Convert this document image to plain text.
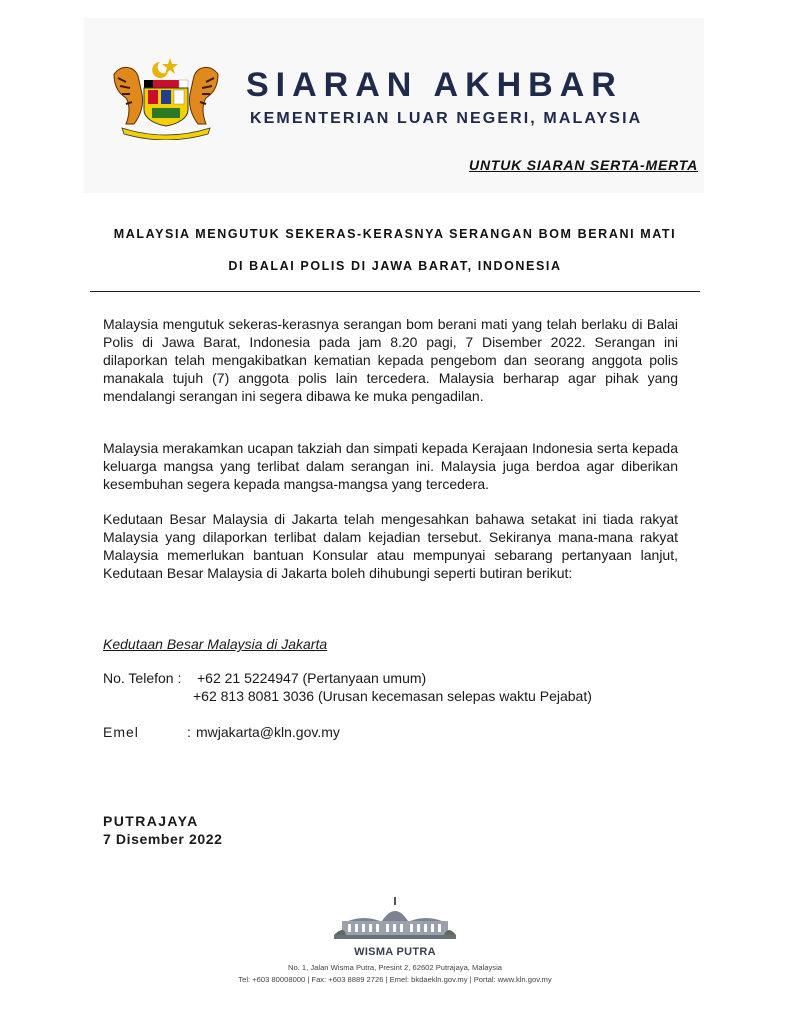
SIARAN AKHBAR
KEMENTERIAN LUAR NEGERI, MALAYSIA
UNTUK SIARAN SERTA-MERTA
MALAYSIA MENGUTUK SEKERAS-KERASNYA SERANGAN BOM BERANI MATI
DI BALAI POLIS DI JAWA BARAT, INDONESIA

Malaysia mengutuk sekeras-kerasnya serangan bom berani mati yang telah berlaku di Balai Polis di Jawa Barat, Indonesia pada jam 8.20 pagi, 7 Disember 2022. Serangan ini dilaporkan telah mengakibatkan kematian kepada pengebom dan seorang anggota polis manakala tujuh (7) anggota polis lain tercedera. Malaysia berharap agar pihak yang mendalangi serangan ini segera dibawa ke muka pengadilan.

Malaysia merakamkan ucapan takziah dan simpati kepada Kerajaan Indonesia serta kepada keluarga mangsa yang terlibat dalam serangan ini. Malaysia juga berdoa agar diberikan kesembuhan segera kepada mangsa-mangsa yang tercedera.

Kedutaan Besar Malaysia di Jakarta telah mengesahkan bahawa setakat ini tiada rakyat Malaysia yang dilaporkan terlibat dalam kejadian tersebut. Sekiranya mana-mana rakyat Malaysia memerlukan bantuan Konsular atau mempunyai sebarang pertanyaan lanjut, Kedutaan Besar Malaysia di Jakarta boleh dihubungi seperti butiran berikut:

Kedutaan Besar Malaysia di Jakarta
No. Telefon : +62 21 5224947 (Pertanyaan umum)
+62 813 8081 3036 (Urusan kecemasan selepas waktu Pejabat)
Emel	: mwjakarta@kln.gov.my
PUTRAJAYA
7 Disember 2022
WISMA PUTRA
No. 1, Jalan Wisma Putra, Presint 2, 62602 Putrajaya, Malaysia
Tel: +603 80008000 | Fax: +603 8889 2726 | Emel: bkdaekln.gov.my | Portal: www.kln.gov.my
